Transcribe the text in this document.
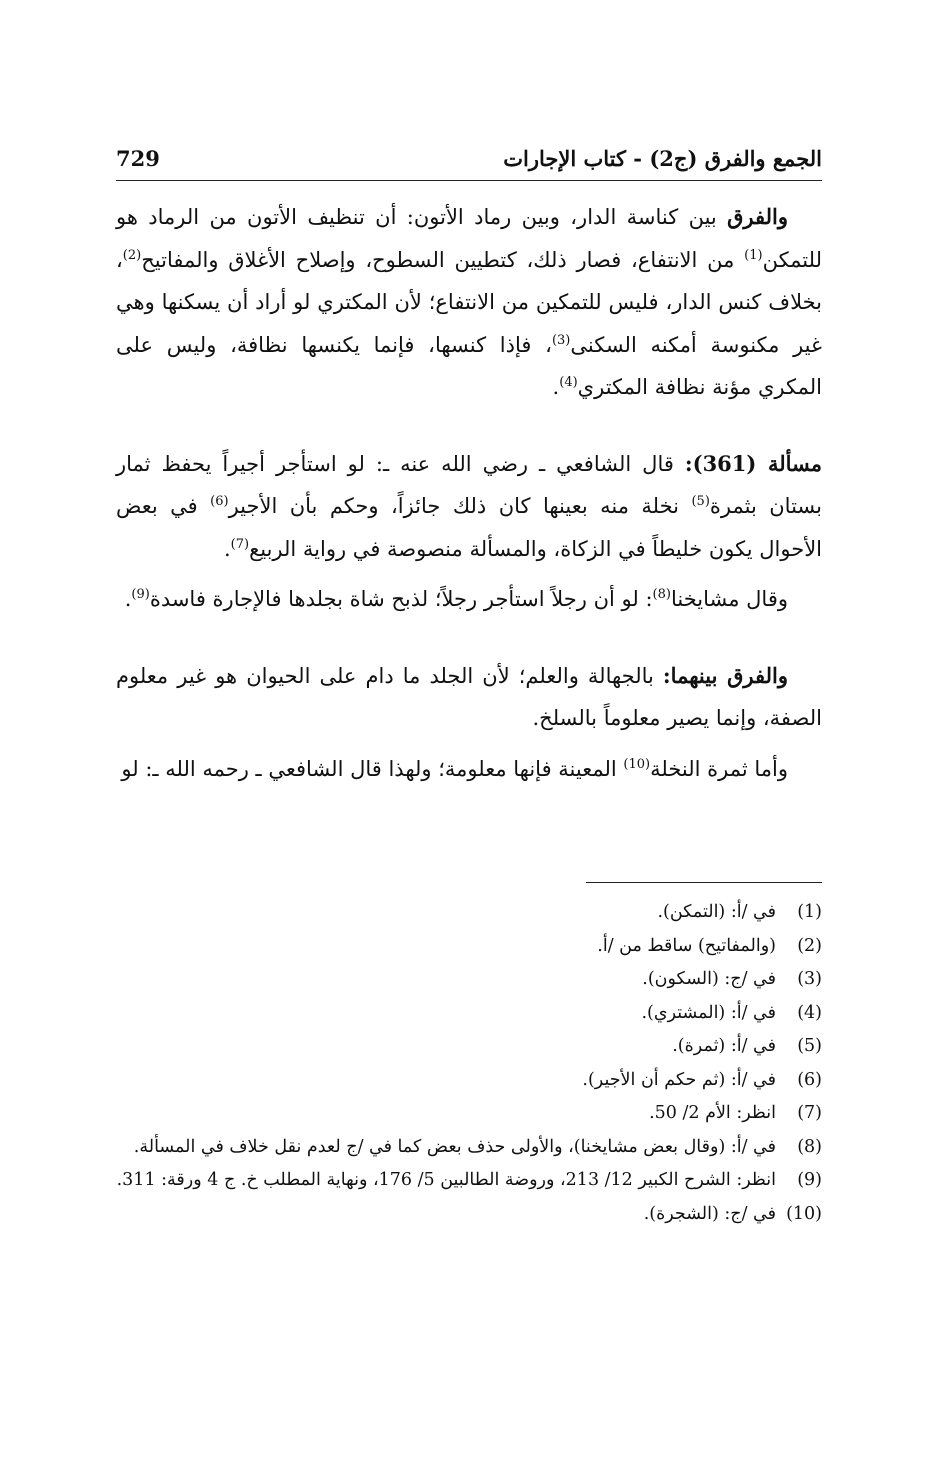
الجمع والفرق (ج2) - كتاب الإجارات
729

والفرق بين كناسة الدار، وبين رماد الأتون: أن تنظيف الأتون من الرماد هو للتمكن$^{(1)}$ من الانتفاع، فصار ذلك، كتطيين السطوح، وإصلاح الأغلاق والمفاتيح$^{(2)}$، بخلاف كنس الدار، فليس للتمكين من الانتفاع؛ لأن المكتري لو أراد أن يسكنها وهي غير مكنوسة أمكنه السكنى$^{(3)}$، فإذا كنسها، فإنما يكنسها نظافة، وليس على المكري مؤنة نظافة المكتري$^{(4)}$.

مسألة (361): قال الشافعي ـ رضي الله عنه ـ: لو استأجر أجيراً يحفظ ثمار بستان بثمرة$^{(5)}$ نخلة منه بعينها كان ذلك جائزاً، وحكم بأن الأجير$^{(6)}$ في بعض الأحوال يكون خليطاً في الزكاة، والمسألة منصوصة في رواية الربيع$^{(7)}$.

وقال مشايخنا$^{(8)}$: لو أن رجلاً استأجر رجلاً؛ لذبح شاة بجلدها فالإجارة فاسدة$^{(9)}$.

والفرق بينهما: بالجهالة والعلم؛ لأن الجلد ما دام على الحيوان هو غير معلوم الصفة، وإنما يصير معلوماً بالسلخ.

وأما ثمرة النخلة$^{(10)}$ المعينة فإنها معلومة؛ ولهذا قال الشافعي ـ رحمه الله ـ: لو

(1)
في /أ: (التمكن).
(2)
(والمفاتيح) ساقط من /أ.
(3)
في /ج: (السكون).
(4)
في /أ: (المشتري).
(5)
في /أ: (ثمرة).
(6)
في /أ: (ثم حكم أن الأجير).
(7)
انظر: الأم 2/ 50.
(8)
في /أ: (وقال بعض مشايخنا)، والأولى حذف بعض كما في /ج لعدم نقل خلاف في المسألة.
(9)
انظر: الشرح الكبير 12/ 213، وروضة الطالبين 5/ 176، ونهاية المطلب خ. ج 4 ورقة: 311.
(10)
في /ج: (الشجرة).
